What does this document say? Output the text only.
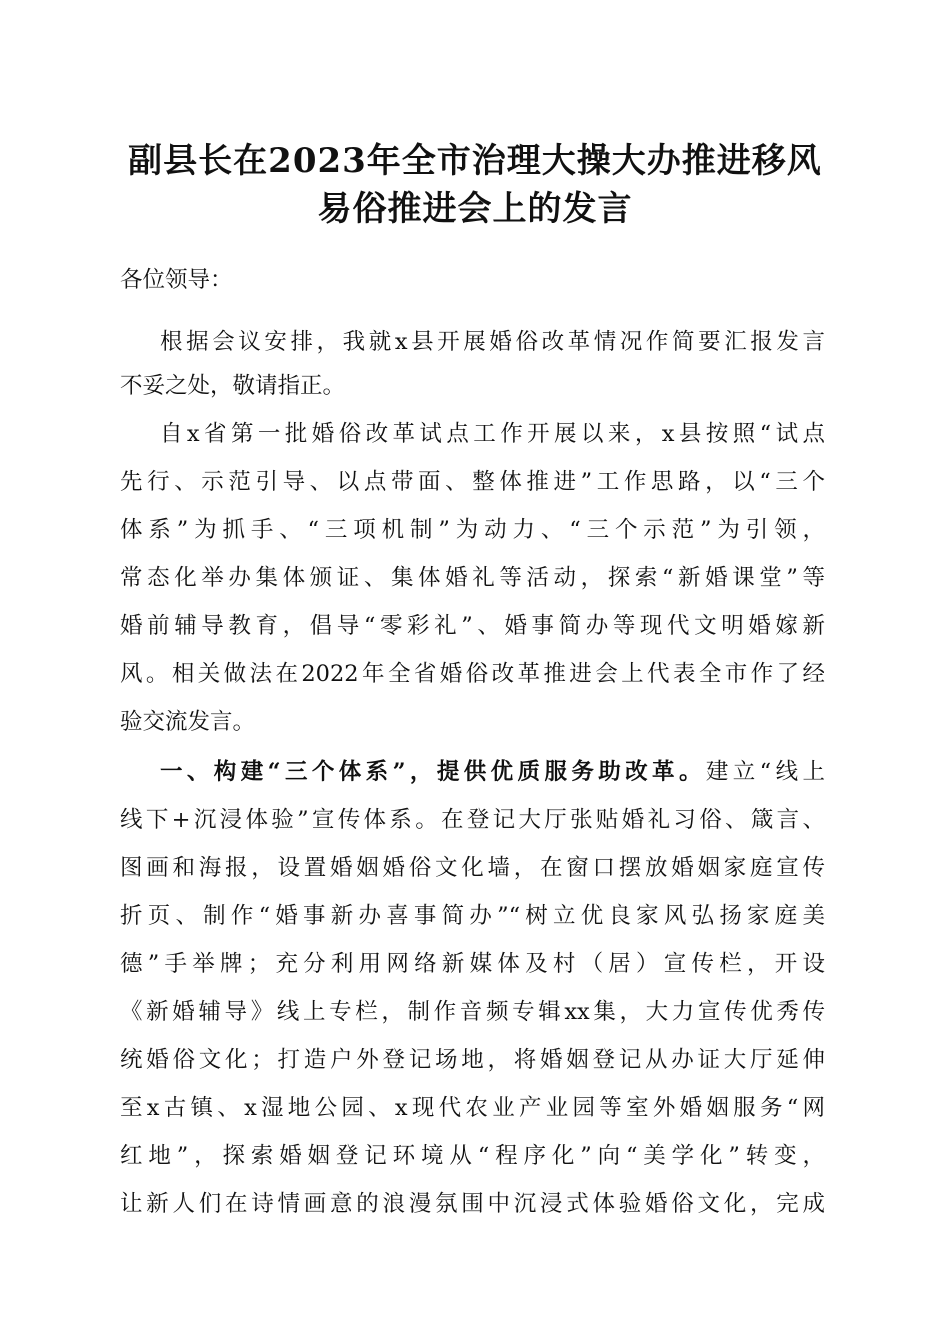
副县长在2023年全市治理大操大办推进移风
易俗推进会上的发言
各位领导：
根据会议安排，我就x县开展婚俗改革情况作简要汇报发言
不妥之处，敬请指正。
自x省第一批婚俗改革试点工作开展以来，x县按照“试点
先行、示范引导、以点带面、整体推进”工作思路，以“三个
体系”为抓手、“三项机制”为动力、“三个示范”为引领，
常态化举办集体颁证、集体婚礼等活动，探索“新婚课堂”等
婚前辅导教育，倡导“零彩礼”、婚事简办等现代文明婚嫁新
风。相关做法在2022年全省婚俗改革推进会上代表全市作了经
验交流发言。
一、构建“三个体系”，提供优质服务助改革。建立“线上
线下+沉浸体验”宣传体系。在登记大厅张贴婚礼习俗、箴言、
图画和海报，设置婚姻婚俗文化墙，在窗口摆放婚姻家庭宣传
折页、制作“婚事新办喜事简办”“树立优良家风弘扬家庭美
德”手举牌；充分利用网络新媒体及村（居）宣传栏，开设
《新婚辅导》线上专栏，制作音频专辑xx集，大力宣传优秀传
统婚俗文化；打造户外登记场地，将婚姻登记从办证大厅延伸
至x古镇、x湿地公园、x现代农业产业园等室外婚姻服务“网
红地”，探索婚姻登记环境从“程序化”向“美学化”转变，
让新人们在诗情画意的浪漫氛围中沉浸式体验婚俗文化，完成
